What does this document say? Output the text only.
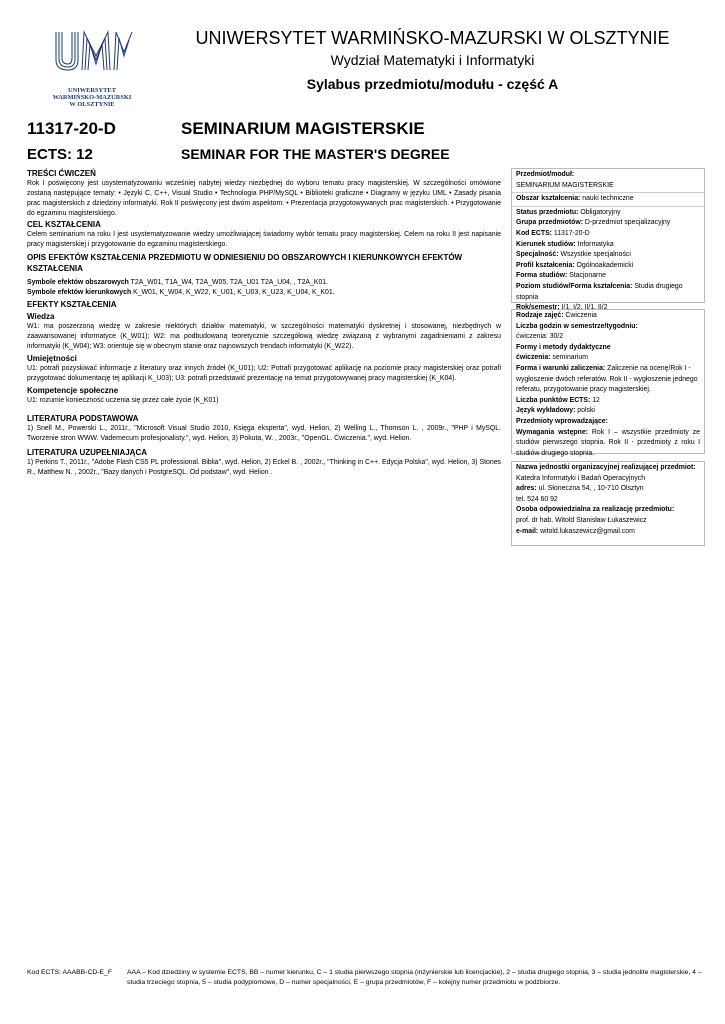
UNIWERSYTET
WARMIŃSKO-MAZURSKI
W OLSZTYNIE
UNIWERSYTET WARMIŃSKO-MAZURSKI W OLSZTYNIE
Wydział Matematyki i Informatyki
Sylabus przedmiotu/modułu - część A
11317-20-D	SEMINARIUM MAGISTERSKIE
ECTS: 12	SEMINAR FOR THE MASTER'S DEGREE
TREŚCI ĆWICZEŃ

Rok I poświęcony jest usystematyzowaniu wcześniej nabytej wiedzy niezbędnej do wyboru tematu pracy magisterskiej. W szczególności omówione zostaną następujące tematy: • Języki C, C++, Visual Studio • Technologia PHP/MySQL • Biblioteki graficzne • Diagramy w języku UML • Zasady pisania prac magisterskich z dziedziny informatyki. Rok II poświęcony jest dwóm aspektom: • Prezentacja przygotowywanych prac magisterskich. • Przygotowanie do egzaminu magisterskiego.

CEL KSZTAŁCENIA

Celem seminarium na roku I jest usystematyzowanie wiedzy umożliwiającej świadomy wybór tematu pracy magisterskiej. Celem na roku II jest napisanie pracy magisterskiej i przygotowanie do egzaminu magisterskiego.

OPIS EFEKTÓW KSZTAŁCENIA PRZEDMIOTU W ODNIESIENIU DO OBSZAROWYCH I KIERUNKOWYCH EFEKTÓW KSZTAŁCENIA

Symbole efektów obszarowych T2A_W01, T1A_W4, T2A_W05, T2A_U01 T2A_U04, , T2A_K01.

Symbole efektów kierunkowych K_W01, K_W04, K_W22, K_U01, K_U03, K_U23, K_U04, K_K01.

EFEKTY KSZTAŁCENIA
Wiedza

W1: ma poszerzoną wiedzę w zakresie niektórych działów matematyki, w szczególności matematyki dyskretnej i stosowanej, niezbędnych w zaawansowanej informatyce (K_W01); W2: ma podbudowaną teoretycznie szczegółową wiedzę związaną z wybranymi zagadnieniami z zakresu informatyki (K_W04); W3: orientuje się w obecnym stanie oraz najnowszych trendach informatyki (K_W22).

Umiejętności

U1: potrafi pozyskiwać informacje z literatury oraz innych źródeł (K_U01); U2: Potrafi przygotować aplikację na poziomie pracy magisterskiej oraz potrafi przygotować dokumentację tej aplikacji K_U03); U3: potrafi przedstawić prezentację na temat przygotowywanej pracy magisterskiej (K_K04).

Kompetencje społeczne

U1: rozumie konieczność uczenia się przez całe życie (K_K01)

LITERATURA PODSTAWOWA

1) Snell M., Powerski L., 2011r., "Microsoft Visual Studio 2010, Księga eksperta", wyd. Helion, 2) Welling L., Thomson L. , 2009r., "PHP i MySQL. Tworzenie stron WWW. Vademecum profesjonalisty.", wyd. Helion, 3) Pokuta, W. , 2003r., "OpenGL. Ćwiczenia.", wyd. Helion.

LITERATURA UZUPEŁNIAJĄCA

1) Perkins T., 2011r., "Adobe Flash CS5 PL professional. Biblia", wyd. Helion, 2) Eckel B. , 2002r., "Thinking in C++. Edycja Polska", wyd. Helion, 3) Stones R., Matthew N. , 2002r., "Bazy danych i PostgreSQL. Od podstaw", wyd. Helion .

Przedmiot/moduł:
SEMINARIUM MAGISTERSKIE
Obszar kształcenia: nauki techniczne
Status przedmiotu: Obligatoryjny
Grupa przedmiotów: D-przedmiot specjalizacyjny
Kod ECTS: 11317-20-D
Kierunek studiów: Informatyka
Specjalność: Wszystkie specjalności
Profil kształcenia: Ogólnoakademicki
Forma studiów: Stacjonarne
Poziom studiów/Forma kształcenia: Studia drugiego stopnia
Rok/semestr: I/1, I/2, II/1, II/2
Rodzaje zajęć: Ćwiczenia
Liczba godzin w semestrze/tygodniu:
ćwiczenia: 30/2
Formy i metody dydaktyczne
ćwiczenia: seminarium
Forma i warunki zaliczenia: Zaliczenie na ocenę/Rok I - wygłoszenie dwóch referatów. Rok II - wygłoszenie jednego referatu, przygotowanie pracy magisterskiej.
Liczba punktów ECTS: 12
Język wykładowy: polski
Przedmioty wprowadzające:
Wymagania wstępne: Rok I – wszystkie przedmioty ze studiów pierwszego stopnia. Rok II - przedmioty z roku I studiów drugiego stopnia.
Nazwa jednostki organizacyjnej realizującej przedmiot:
Katedra Informatyki i Badań Operacyjnych
adres: ul. Słoneczna 54, , 10-710 Olsztyn
tel. 524 60 92
Osoba odpowiedzialna za realizację przedmiotu:
prof. dr hab. Witold Stanisław Łukaszewicz
e-mail: witold.lukaszewicz@gmail.com
Kod ECTS: AAABB-CD-E_F	AAA – Kod dziedziny w systemie ECTS, BB – numer kierunku, C – 1 studia pierwszego stopnia (inżynierskie lub licencjackie), 2 – studia drugiego stopnia, 3 – studia jednolite magisterskie, 4 – studia trzeciego stopnia, 5 – studia podyplomowe, D – numer specjalności, E – grupa przedmiotów, F – kolejny numer przedmiotu w podzbiorze.
